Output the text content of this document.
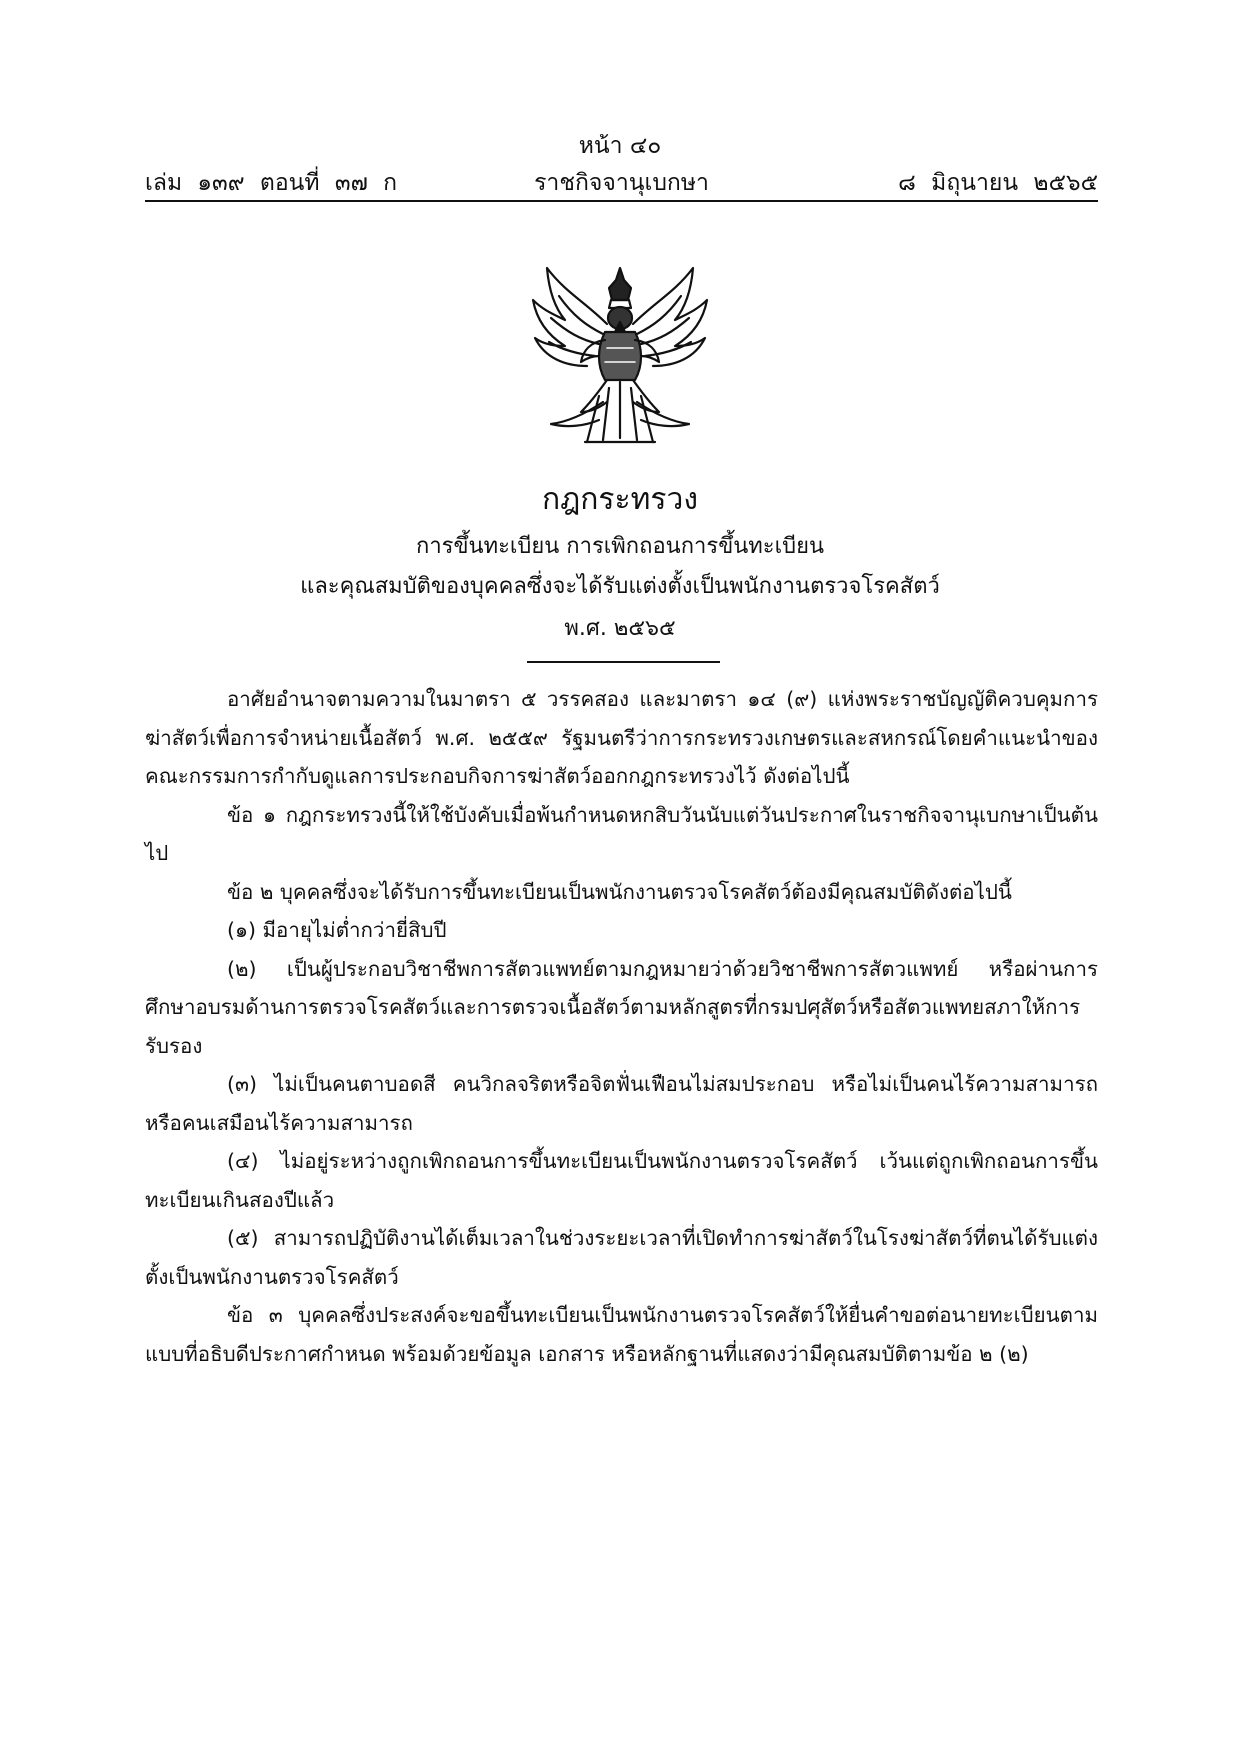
หน้า ๔๐
เล่ม ๑๓๙ ตอนที่ ๓๗ ก	ราชกิจจานุเบกษา	๘ มิถุนายน ๒๕๖๕
กฎกระทรวง
การขึ้นทะเบียน การเพิกถอนการขึ้นทะเบียน
และคุณสมบัติของบุคคลซึ่งจะได้รับแต่งตั้งเป็นพนักงานตรวจโรคสัตว์
พ.ศ. ๒๕๖๕

อาศัยอำนาจตามความในมาตรา ๕ วรรคสอง และมาตรา ๑๔ (๙) แห่งพระราชบัญญัติควบคุมการฆ่าสัตว์เพื่อการจำหน่ายเนื้อสัตว์ พ.ศ. ๒๕๕๙ รัฐมนตรีว่าการกระทรวงเกษตรและสหกรณ์โดยคำแนะนำของคณะกรรมการกำกับดูแลการประกอบกิจการฆ่าสัตว์ออกกฎกระทรวงไว้ ดังต่อไปนี้

ข้อ ๑ กฎกระทรวงนี้ให้ใช้บังคับเมื่อพ้นกำหนดหกสิบวันนับแต่วันประกาศในราชกิจจานุเบกษาเป็นต้นไป

ข้อ ๒ บุคคลซึ่งจะได้รับการขึ้นทะเบียนเป็นพนักงานตรวจโรคสัตว์ต้องมีคุณสมบัติดังต่อไปนี้

(๑) มีอายุไม่ต่ำกว่ายี่สิบปี

(๒) เป็นผู้ประกอบวิชาชีพการสัตวแพทย์ตามกฎหมายว่าด้วยวิชาชีพการสัตวแพทย์ หรือผ่านการศึกษาอบรมด้านการตรวจโรคสัตว์และการตรวจเนื้อสัตว์ตามหลักสูตรที่กรมปศุสัตว์หรือสัตวแพทยสภาให้การรับรอง

(๓) ไม่เป็นคนตาบอดสี คนวิกลจริตหรือจิตฟั่นเฟือนไม่สมประกอบ หรือไม่เป็นคนไร้ความสามารถหรือคนเสมือนไร้ความสามารถ

(๔) ไม่อยู่ระหว่างถูกเพิกถอนการขึ้นทะเบียนเป็นพนักงานตรวจโรคสัตว์ เว้นแต่ถูกเพิกถอนการขึ้นทะเบียนเกินสองปีแล้ว

(๕) สามารถปฏิบัติงานได้เต็มเวลาในช่วงระยะเวลาที่เปิดทำการฆ่าสัตว์ในโรงฆ่าสัตว์ที่ตนได้รับแต่งตั้งเป็นพนักงานตรวจโรคสัตว์

ข้อ ๓ บุคคลซึ่งประสงค์จะขอขึ้นทะเบียนเป็นพนักงานตรวจโรคสัตว์ให้ยื่นคำขอต่อนายทะเบียนตามแบบที่อธิบดีประกาศกำหนด พร้อมด้วยข้อมูล เอกสาร หรือหลักฐานที่แสดงว่ามีคุณสมบัติตามข้อ ๒ (๒)
